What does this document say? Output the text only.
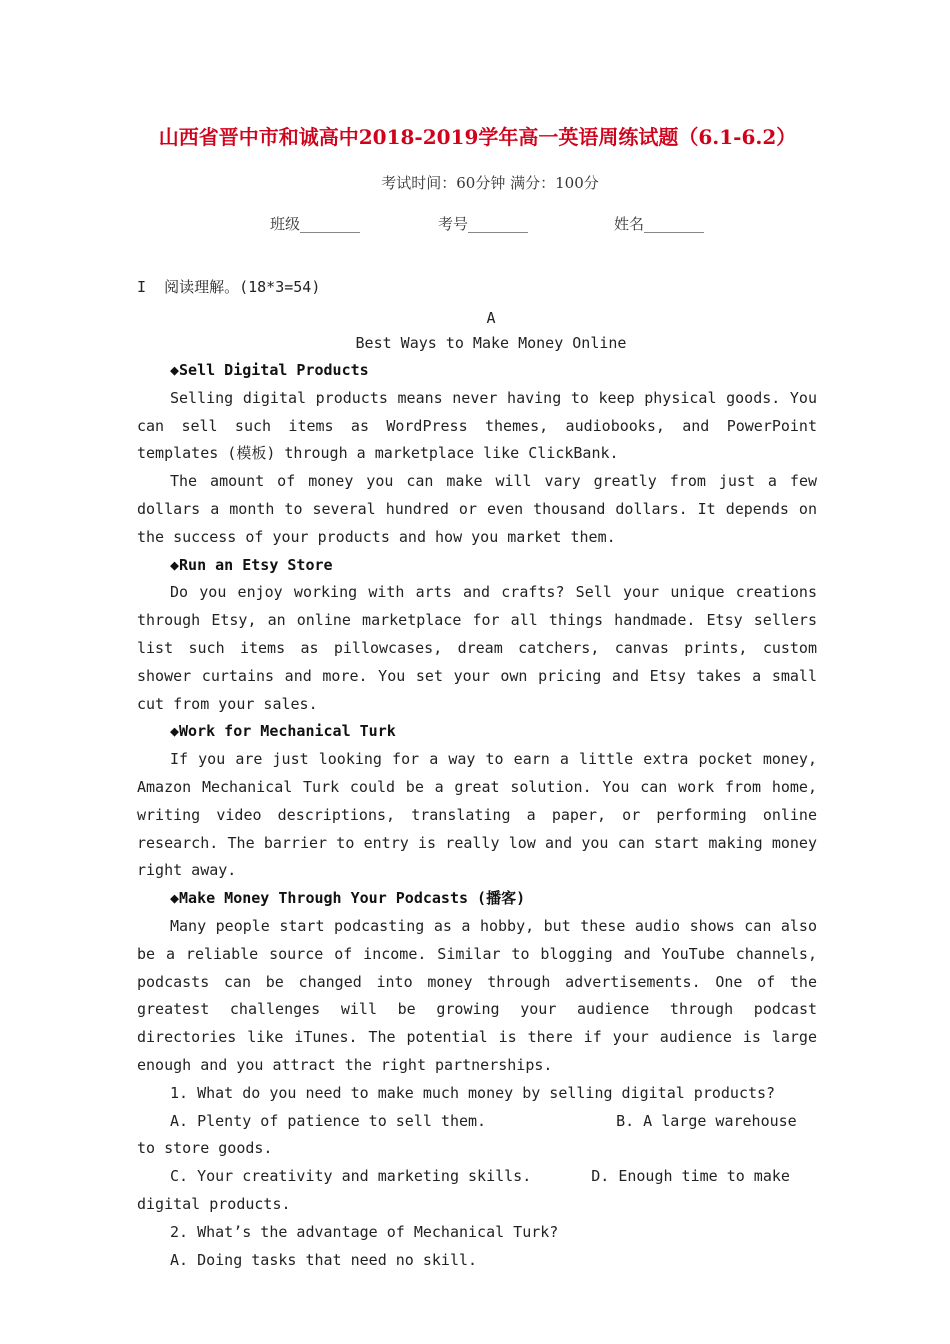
山西省晋中市和诚高中2018-2019学年高一英语周练试题（6.1-6.2）
考试时间：60分钟 满分：100分
班级________	考号________	姓名________
I  阅读理解。(18*3=54)
A
Best Ways to Make Money Online

◆Sell Digital Products

Selling digital products means never having to keep physical goods. You can sell such items as WordPress themes, audiobooks, and PowerPoint templates (模板) through a marketplace like ClickBank.

The amount of money you can make will vary greatly from just a few dollars a month to several hundred or even thousand dollars. It depends on the success of your products and how you market them.

◆Run an Etsy Store

Do you enjoy working with arts and crafts? Sell your unique creations through Etsy, an online marketplace for all things handmade. Etsy sellers list such items as pillowcases, dream catchers, canvas prints, custom shower curtains and more. You set your own pricing and Etsy takes a small cut from your sales.

◆Work for Mechanical Turk

If you are just looking for a way to earn a little extra pocket money, Amazon Mechanical Turk could be a great solution. You can work from home, writing video descriptions, translating a paper, or performing online research. The barrier to entry is really low and you can start making money right away.

◆Make Money Through Your Podcasts (播客)

Many people start podcasting as a hobby, but these audio shows can also be a reliable source of income. Similar to blogging and YouTube channels, podcasts can be changed into money through advertisements. One of the greatest challenges will be growing your audience through podcast directories like iTunes. The potential is there if your audience is large enough and you attract the right partnerships.

1. What do you need to make much money by selling digital products?

A. Plenty of patience to sell them.	B. A large warehouse to store goods.

C. Your creativity and marketing skills.	D. Enough time to make digital products.

2. What’s the advantage of Mechanical Turk?

A. Doing tasks that need no skill.
